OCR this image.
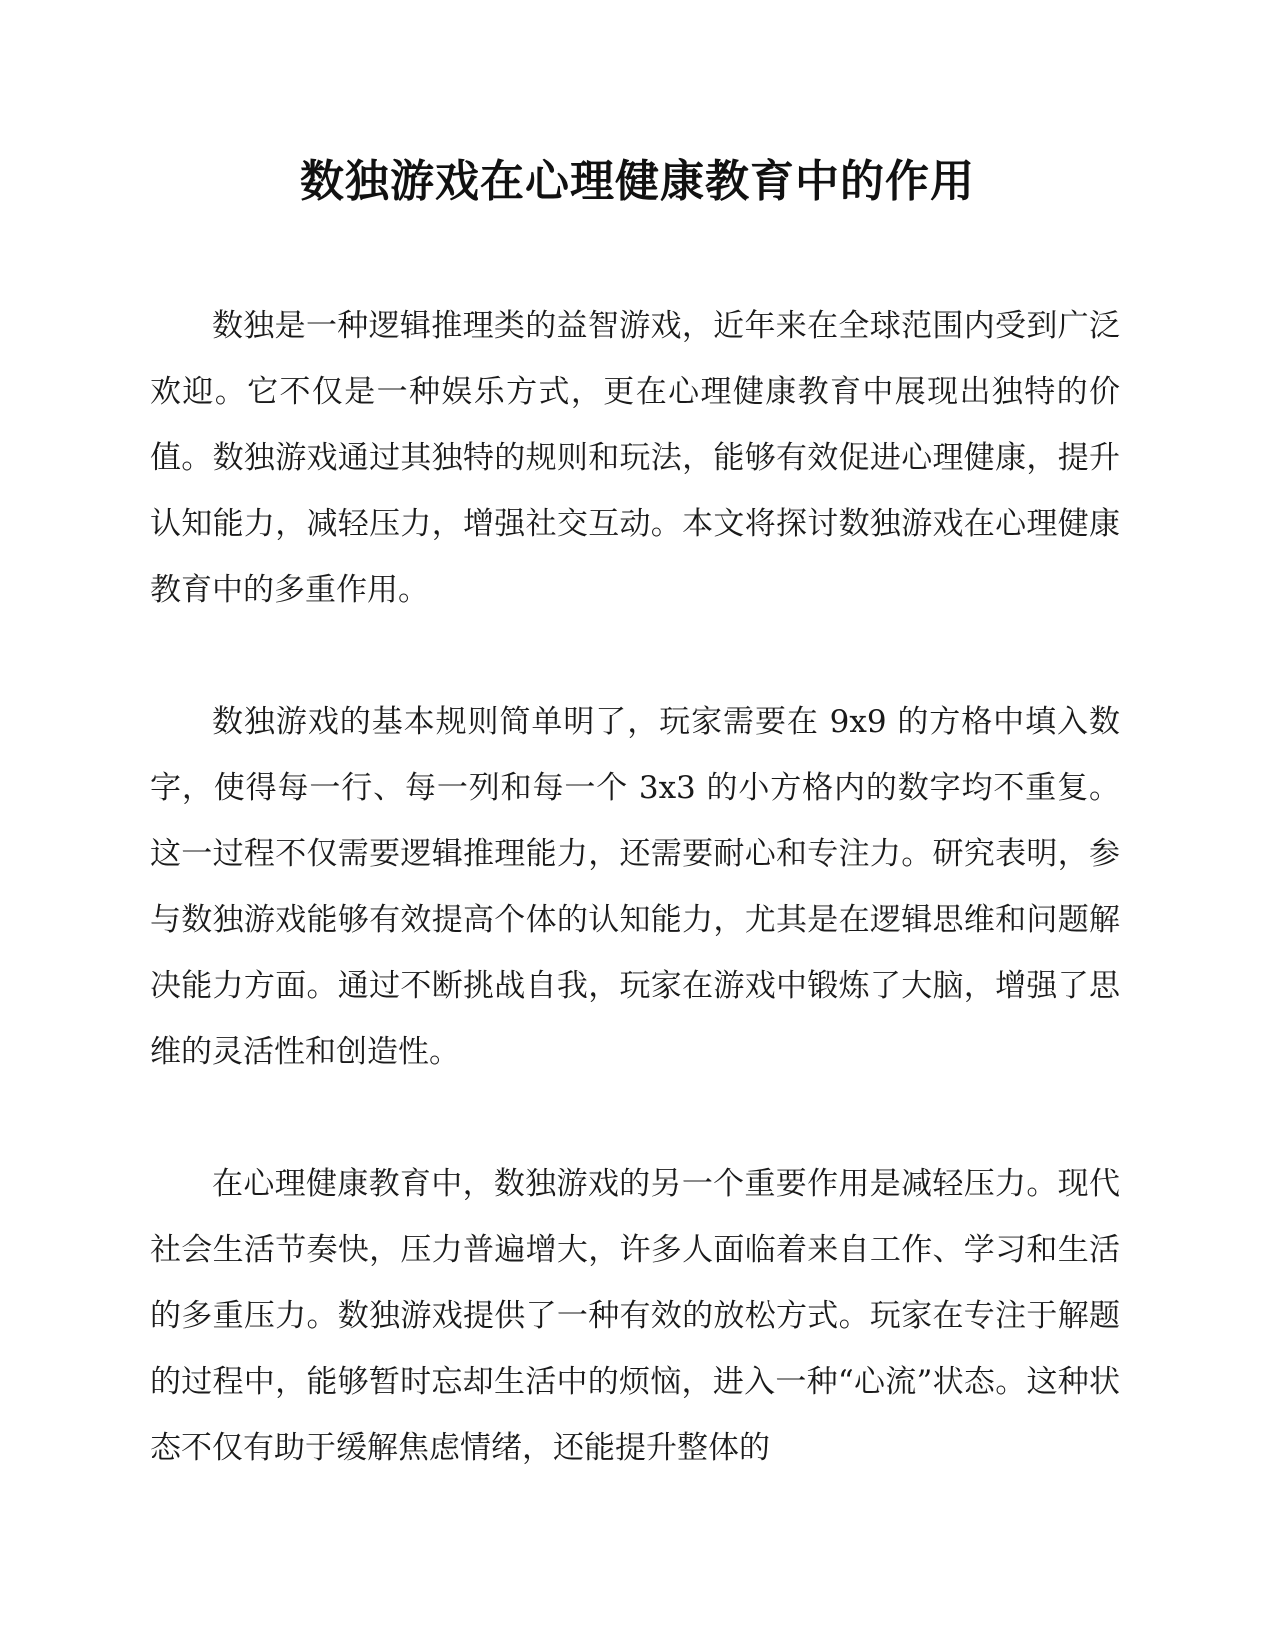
数独游戏在心理健康教育中的作用

数独是一种逻辑推理类的益智游戏，近年来在全球范围内受到广泛欢迎。它不仅是一种娱乐方式，更在心理健康教育中展现出独特的价值。数独游戏通过其独特的规则和玩法，能够有效促进心理健康，提升认知能力，减轻压力，增强社交互动。本文将探讨数独游戏在心理健康教育中的多重作用。

数独游戏的基本规则简单明了，玩家需要在 9x9 的方格中填入数字，使得每一行、每一列和每一个 3x3 的小方格内的数字均不重复。这一过程不仅需要逻辑推理能力，还需要耐心和专注力。研究表明，参与数独游戏能够有效提高个体的认知能力，尤其是在逻辑思维和问题解决能力方面。通过不断挑战自我，玩家在游戏中锻炼了大脑，增强了思维的灵活性和创造性。

在心理健康教育中，数独游戏的另一个重要作用是减轻压力。现代社会生活节奏快，压力普遍增大，许多人面临着来自工作、学习和生活的多重压力。数独游戏提供了一种有效的放松方式。玩家在专注于解题的过程中，能够暂时忘却生活中的烦恼，进入一种“心流”状态。这种状态不仅有助于缓解焦虑情绪，还能提升整体的
